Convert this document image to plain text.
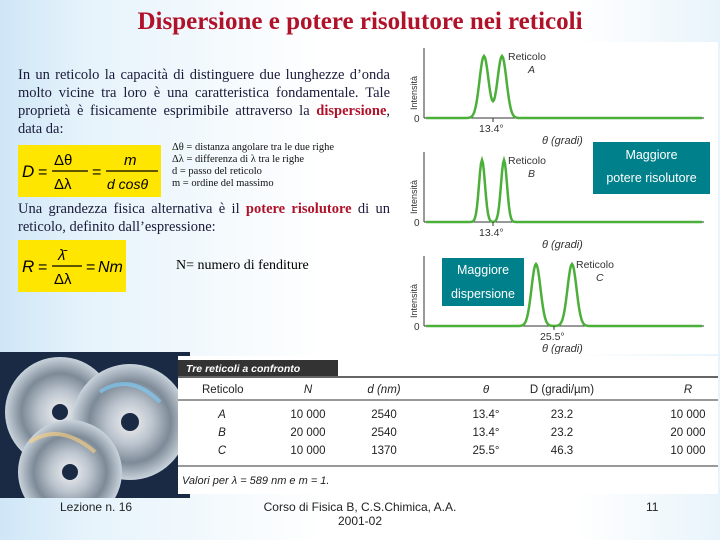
Dispersione e potere risolutore nei reticoli
In un reticolo la capacità di distinguere due lunghezze d’onda molto vicine tra loro è una caratteristica fondamentale. Tale proprietà è fisicamente esprimibile attraverso la dispersione, data da:
D =
Δθ
Δλ
=
m
d cosθ
Δθ = distanza angolare tra le due righe
Δλ = differenza di λ tra le righe
d = passo del reticolo
m = ordine del massimo
Una grandezza fisica alternativa è il potere risolutore di un reticolo, definito dall’espressione:
R =
λ̄
Δλ
= Nm	N= numero di fenditure
Intensità
0
13.4°
Reticolo
A
θ (gradi)
Intensità
0
13.4°
Reticolo
B
θ (gradi)
Intensità
0
25.5°
Reticolo
C
θ (gradi)
Maggiore
potere risolutore
Maggiore
dispersione
Tre reticoli a confronto
Reticolo	N	d (nm)	θ	D (gradi/µm)	R
A	10 000	2540	13.4°	23.2	10 000
B	20 000	2540	13.4°	23.2	20 000
C	10 000	1370	25.5°	46.3	10 000
Valori per λ = 589 nm e m = 1.
Lezione n. 16	Corso di Fisica B, C.S.Chimica, A.A.
2001-02
11
